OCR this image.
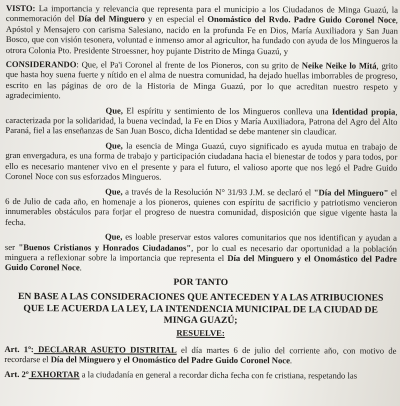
VISTO: La importancia y relevancia que representa para el municipio a los Ciudadanos de Minga Guazú, la conmemoración del Día del Minguero y en especial el Onomástico del Rvdo. Padre Guido Coronel Noce, Apóstol y Mensajero con carisma Salesiano, nacido en la profunda Fe en Dios, María Auxiliadora y San Juan Bosco, que con visión tesonera, voluntad e inmenso amor al agricultor, ha fundado con ayuda de los Mingueros la otrora Colonia Pto. Presidente Stroessner, hoy pujante Distrito de Minga Guazú, y

CONSIDERANDO: Que, el Pa'i Coronel al frente de los Pioneros, con su grito de Neike Neike lo Mitá, grito que hasta hoy suena fuerte y nítido en el alma de nuestra comunidad, ha dejado huellas imborrables de progreso, escrito en las páginas de oro de la Historia de Minga Guazú, por lo que acreditan nuestro respeto y agradecimiento.

Que, El espíritu y sentimiento de los Mingueros conlleva una Identidad propia, caracterizada por la solidaridad, la buena vecindad, la Fe en Dios y María Auxiliadora, Patrona del Agro del Alto Paraná, fiel a las enseñanzas de San Juan Bosco, dicha Identidad se debe mantener sin claudicar.

Que, la esencia de Minga Guazú, cuyo significado es ayuda mutua en trabajo de gran envergadura, es una forma de trabajo y participación ciudadana hacia el bienestar de todos y para todos, por ello es necesario mantener vivo en el presente y para el futuro, el valioso aporte que nos legó el Padre Guido Coronel Noce con sus esforzados Mingueros.

Que, a través de la Resolución N° 31/93 J.M. se declaró el "Día del Minguero" el 6 de Julio de cada año, en homenaje a los pioneros, quienes con espíritu de sacrificio y patriotismo vencieron innumerables obstáculos para forjar el progreso de nuestra comunidad, disposición que sigue vigente hasta la fecha.

Que, es loable preservar estos valores comunitarios que nos identifican y ayudan a ser "Buenos Cristianos y Honrados Ciudadanos", por lo cual es necesario dar oportunidad a la población minguera a reflexionar sobre la importancia que representa el Día del Minguero y el Onomástico del Padre Guido Coronel Noce.

POR TANTO
EN BASE A LAS CONSIDERACIONES QUE ANTECEDEN Y A LAS ATRIBUCIONES QUE LE ACUERDA LA LEY, LA INTENDENCIA MUNICIPAL DE LA CIUDAD DE MINGA GUAZÚ;
RESUELVE:

Art. 1º: DECLARAR ASUETO DISTRITAL el día martes 6 de julio del corriente año, con motivo de recordarse el Día del Minguero y el Onomástico del Padre Guido Coronel Noce.

Art. 2º EXHORTAR a la ciudadanía en general a recordar dicha fecha con fe cristiana, respetando las
